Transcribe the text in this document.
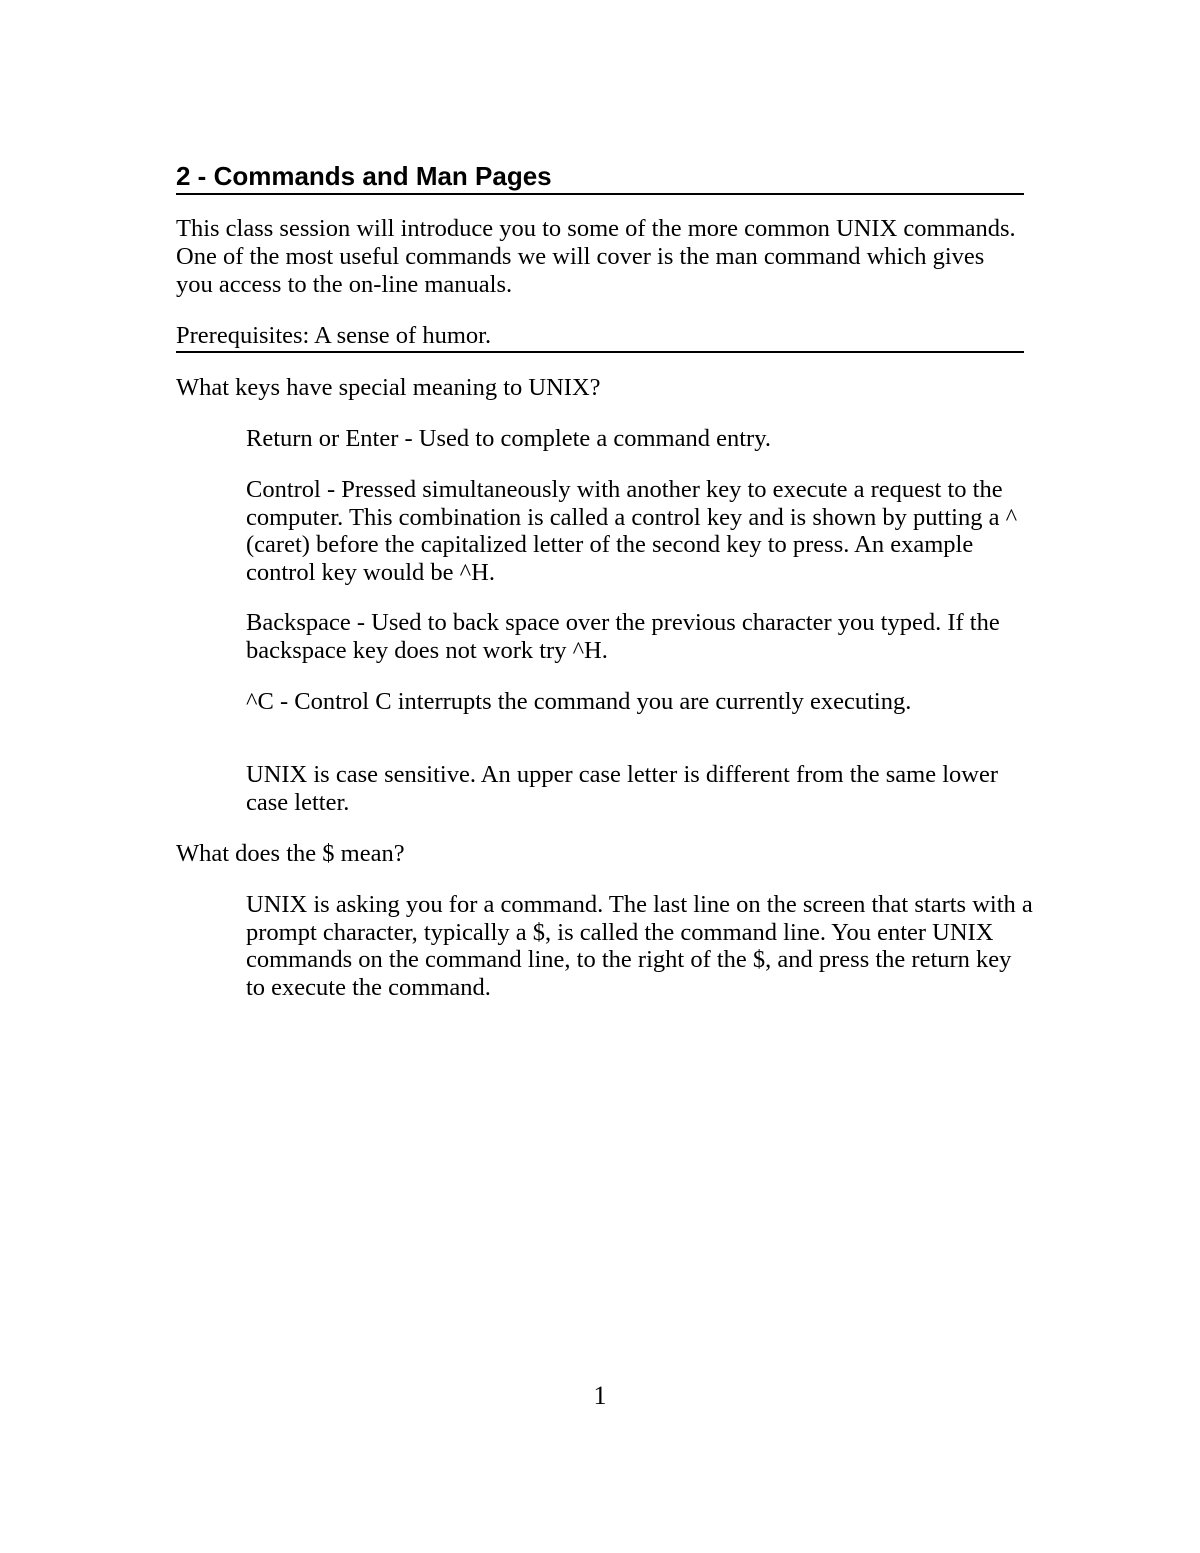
2 - Commands and Man Pages
This class session will introduce you to some of the more common UNIX commands. One of the most useful commands we will cover is the man command which gives you access to the on-line manuals.
Prerequisites: A sense of humor.
What keys have special meaning to UNIX?
Return or Enter - Used to complete a command entry.
Control - Pressed simultaneously with another key to execute a request to the computer. This combination is called a control key and is shown by putting a ^ (caret) before the capitalized letter of the second key to press. An example control key would be ^H.
Backspace - Used to back space over the previous character you typed. If the backspace key does not work try ^H.
^C - Control C interrupts the command you are currently executing.
UNIX is case sensitive. An upper case letter is different from the same lower case letter.
What does the $ mean?
UNIX is asking you for a command. The last line on the screen that starts with a prompt character, typically a $, is called the command line. You enter UNIX commands on the command line, to the right of the $, and press the return key to execute the command.
1
